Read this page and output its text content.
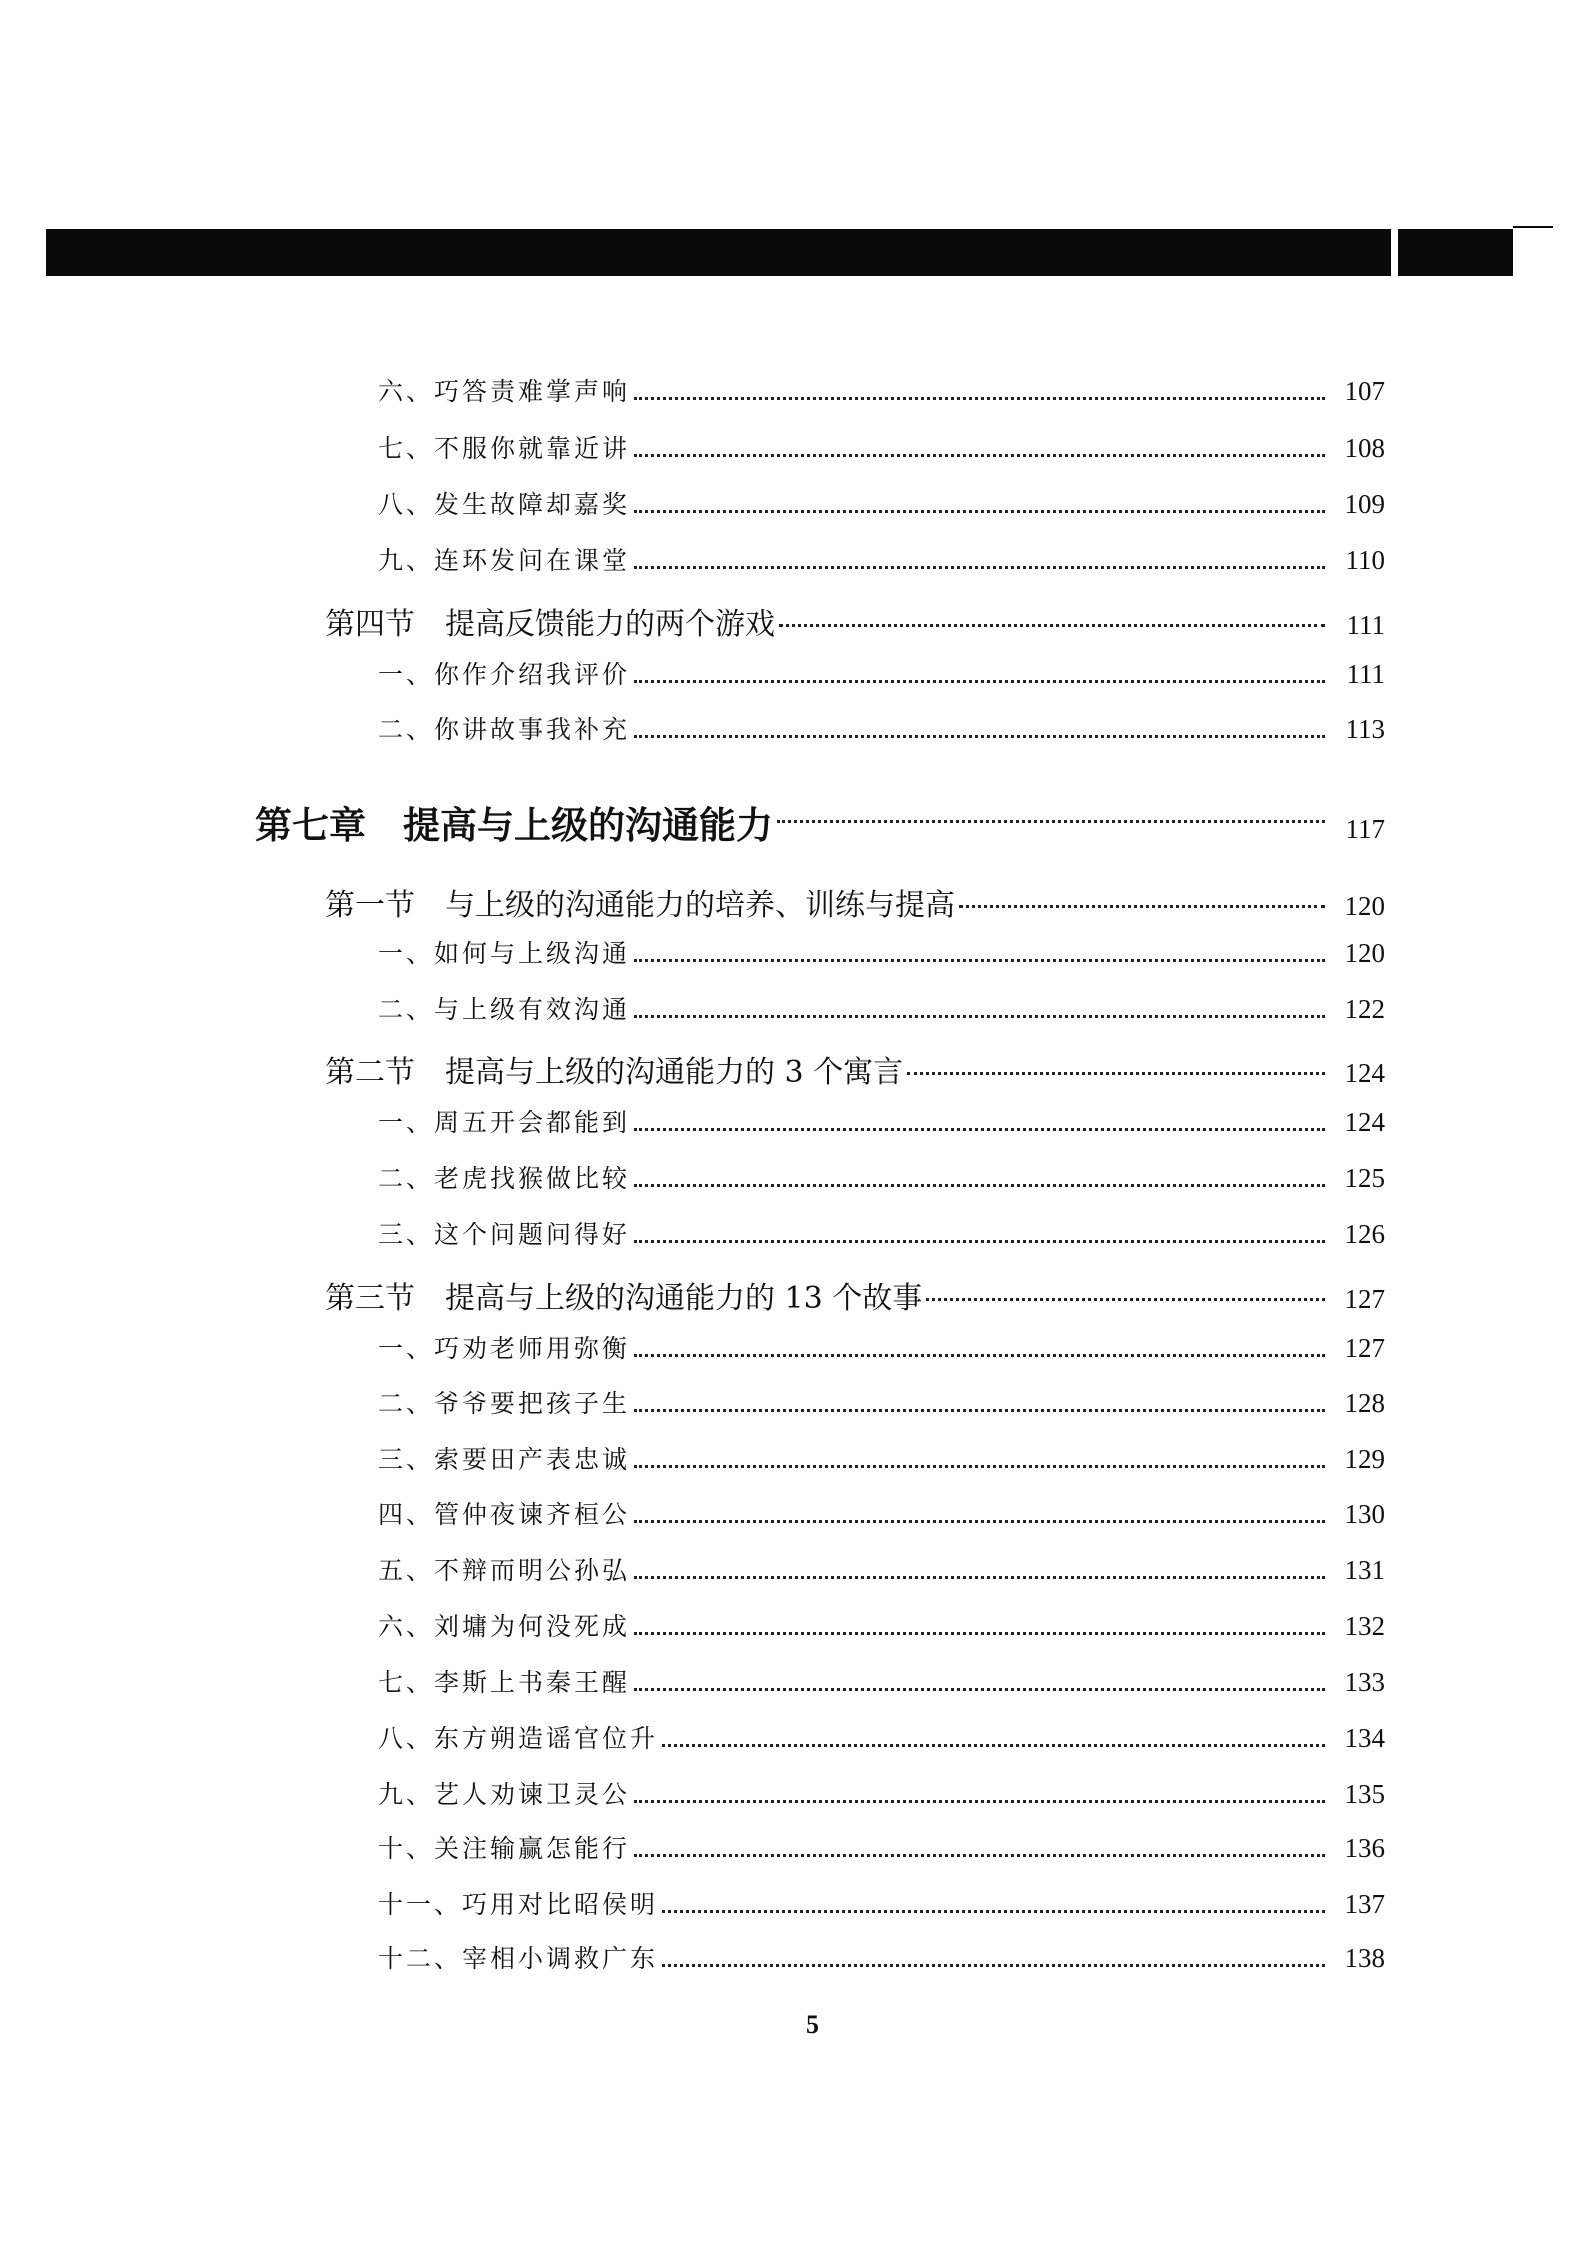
六、巧答责难掌声响	107
七、不服你就靠近讲	108
八、发生故障却嘉奖	109
九、连环发问在课堂	110
第四节　提高反馈能力的两个游戏	111
一、你作介绍我评价	111
二、你讲故事我补充	113
第七章　提高与上级的沟通能力	117
第一节　与上级的沟通能力的培养、训练与提高	120
一、如何与上级沟通	120
二、与上级有效沟通	122
第二节　提高与上级的沟通能力的 3 个寓言	124
一、周五开会都能到	124
二、老虎找猴做比较	125
三、这个问题问得好	126
第三节　提高与上级的沟通能力的 13 个故事	127
一、巧劝老师用弥衡	127
二、爷爷要把孩子生	128
三、索要田产表忠诚	129
四、管仲夜谏齐桓公	130
五、不辩而明公孙弘	131
六、刘墉为何没死成	132
七、李斯上书秦王醒	133
八、东方朔造谣官位升	134
九、艺人劝谏卫灵公	135
十、关注输赢怎能行	136
十一、巧用对比昭侯明	137
十二、宰相小调救广东	138
5
